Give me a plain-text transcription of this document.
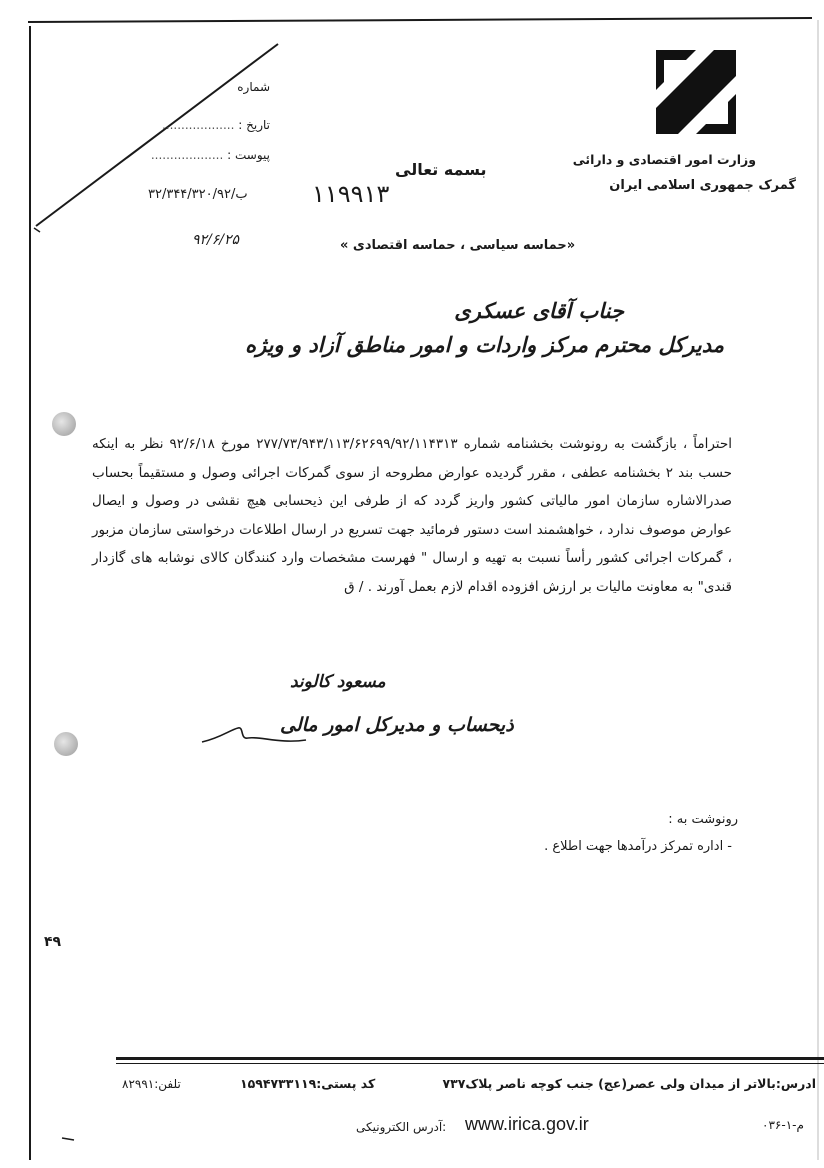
وزارت امور اقتصادی و دارائی
گمرک جمهوری اسلامی ایران
بسمه تعالی
شماره
تاریخ : ...................
پیوست : ...................
۳۲/۳۴۴/۳۲۰/۹۲/ب	۱۱۹۹۱۳
۹۲/۶/۲۵	«حماسه سیاسی ، حماسه اقتصادی »
جناب آقای عسکری
مدیرکل محترم مرکز واردات و امور مناطق آزاد و ویژه
احتراماً ، بازگشت به رونوشت بخشنامه شماره ۲۷۷/۷۳/۹۴۳/۱۱۳/۶۲۶۹۹/۹۲/۱۱۴۳۱۳ مورخ ۹۲/۶/۱۸ نظر به اینکه حسب بند ۲ بخشنامه عطفی ، مقرر گردیده عوارض مطروحه از سوی گمرکات اجرائی وصول و مستقیماً بحساب صدرالاشاره سازمان امور مالیاتی کشور واریز گردد که از طرفی این ذیحسابی هیچ نقشی در وصول و ایصال عوارض موصوف ندارد ، خواهشمند است دستور فرمائید جهت تسریع در ارسال اطلاعات درخواستی سازمان مزبور ، گمرکات اجرائی کشور رأساً نسبت به تهیه و ارسال " فهرست مشخصات وارد کنندگان کالای نوشابه های گازدار قندی" به معاونت مالیات بر ارزش افزوده اقدام لازم بعمل آورند . / ق
مسعود کالوند
ذیحساب و مدیرکل امور مالی
رونوشت به :
- اداره تمرکز درآمدها جهت اطلاع .
۴۹
ادرس:بالاتر از میدان ولی عصر(عج) جنب کوچه ناصر پلاک۷۳۷
کد پستی:۱۵۹۴۷۳۳۱۱۹
تلفن:۸۲۹۹۱
www.irica.gov.ir
:آدرس الکترونیکی	م-۱-۰۳۶
